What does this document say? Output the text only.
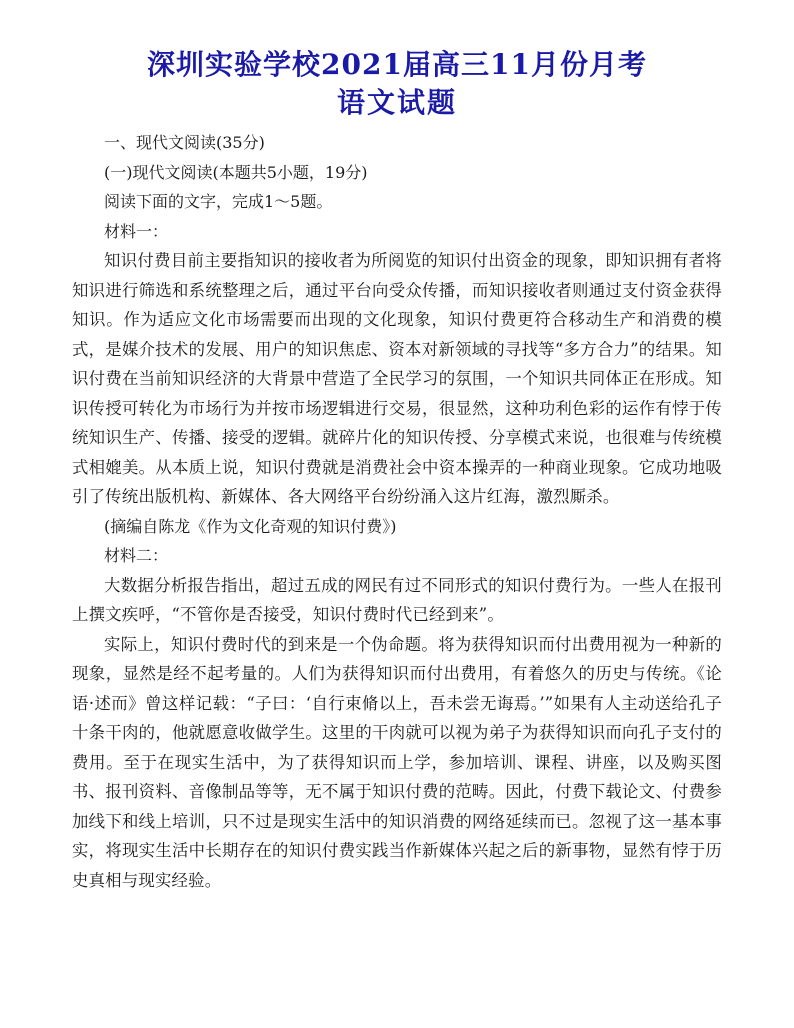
深圳实验学校2021届高三11月份月考
语文试题

一、现代文阅读(35分)

(一)现代文阅读(本题共5小题，19分)

阅读下面的文字，完成1～5题。

材料一：

知识付费目前主要指知识的接收者为所阅览的知识付出资金的现象，即知识拥有者将知识进行筛选和系统整理之后，通过平台向受众传播，而知识接收者则通过支付资金获得知识。作为适应文化市场需要而出现的文化现象，知识付费更符合移动生产和消费的模式，是媒介技术的发展、用户的知识焦虑、资本对新领域的寻找等“多方合力”的结果。知识付费在当前知识经济的大背景中营造了全民学习的氛围，一个知识共同体正在形成。知识传授可转化为市场行为并按市场逻辑进行交易，很显然，这种功利色彩的运作有悖于传统知识生产、传播、接受的逻辑。就碎片化的知识传授、分享模式来说，也很难与传统模式相媲美。从本质上说，知识付费就是消费社会中资本操弄的一种商业现象。它成功地吸引了传统出版机构、新媒体、各大网络平台纷纷涌入这片红海，激烈厮杀。

(摘编自陈龙《作为文化奇观的知识付费》)

材料二：

大数据分析报告指出，超过五成的网民有过不同形式的知识付费行为。一些人在报刊上撰文疾呼，“不管你是否接受，知识付费时代已经到来”。

实际上，知识付费时代的到来是一个伪命题。将为获得知识而付出费用视为一种新的现象，显然是经不起考量的。人们为获得知识而付出费用，有着悠久的历史与传统。《论语·述而》曾这样记载：“子曰：‘自行束脩以上，吾未尝无诲焉。’”如果有人主动送给孔子十条干肉的，他就愿意收做学生。这里的干肉就可以视为弟子为获得知识而向孔子支付的费用。至于在现实生活中，为了获得知识而上学，参加培训、课程、讲座，以及购买图书、报刊资料、音像制品等等，无不属于知识付费的范畴。因此，付费下载论文、付费参加线下和线上培训，只不过是现实生活中的知识消费的网络延续而已。忽视了这一基本事实，将现实生活中长期存在的知识付费实践当作新媒体兴起之后的新事物，显然有悖于历史真相与现实经验。
